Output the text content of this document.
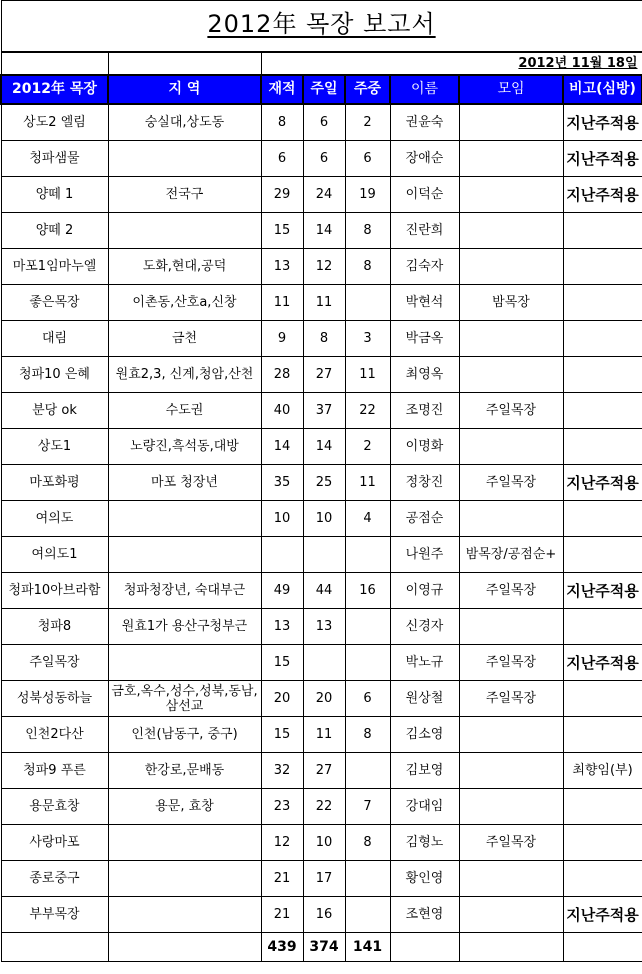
2012年 목장 보고서							
		2012년 11월 18일					
2012年 목장	지 역	재적	주일	주중	이름	모임	비고(심방)
상도2 엘림	숭실대,상도동	8	6	2	권윤숙		지난주적용
청파샘물		6	6	6	장애순		지난주적용
양떼 1	전국구	29	24	19	이덕순		지난주적용
양떼 2		15	14	8	진란희		
마포1임마누엘	도화,현대,공덕	13	12	8	김숙자		
좋은목장	이촌동,산호a,신창	11	11		박현석	밤목장	
대림	금천	9	8	3	박금옥		
청파10 은혜	원효2,3, 신계,청암,산천	28	27	11	최영옥		
분당 ok	수도권	40	37	22	조명진	주일목장	
상도1	노량진,흑석동,대방	14	14	2	이명화		
마포화평	마포 청장년	35	25	11	정창진	주일목장	지난주적용
여의도		10	10	4	공점순		
여의도1					나원주	밤목장/공점순+	
청파10아브라함	청파청장년, 숙대부근	49	44	16	이영규	주일목장	지난주적용
청파8	원효1가 용산구청부근	13	13		신경자		
주일목장		15			박노규	주일목장	지난주적용
성북성동하늘	금호,옥수,성수,성북,동남,삼선교	20	20	6	원상철	주일목장	
인천2다산	인천(남동구, 중구)	15	11	8	김소영		
청파9 푸른	한강로,문배동	32	27		김보영		최향임(부)
용문효창	용문, 효창	23	22	7	강대임		
사랑마포		12	10	8	김형노	주일목장	
종로중구		21	17		황인영		
부부목장		21	16		조현영		지난주적용
		439	374	141			
